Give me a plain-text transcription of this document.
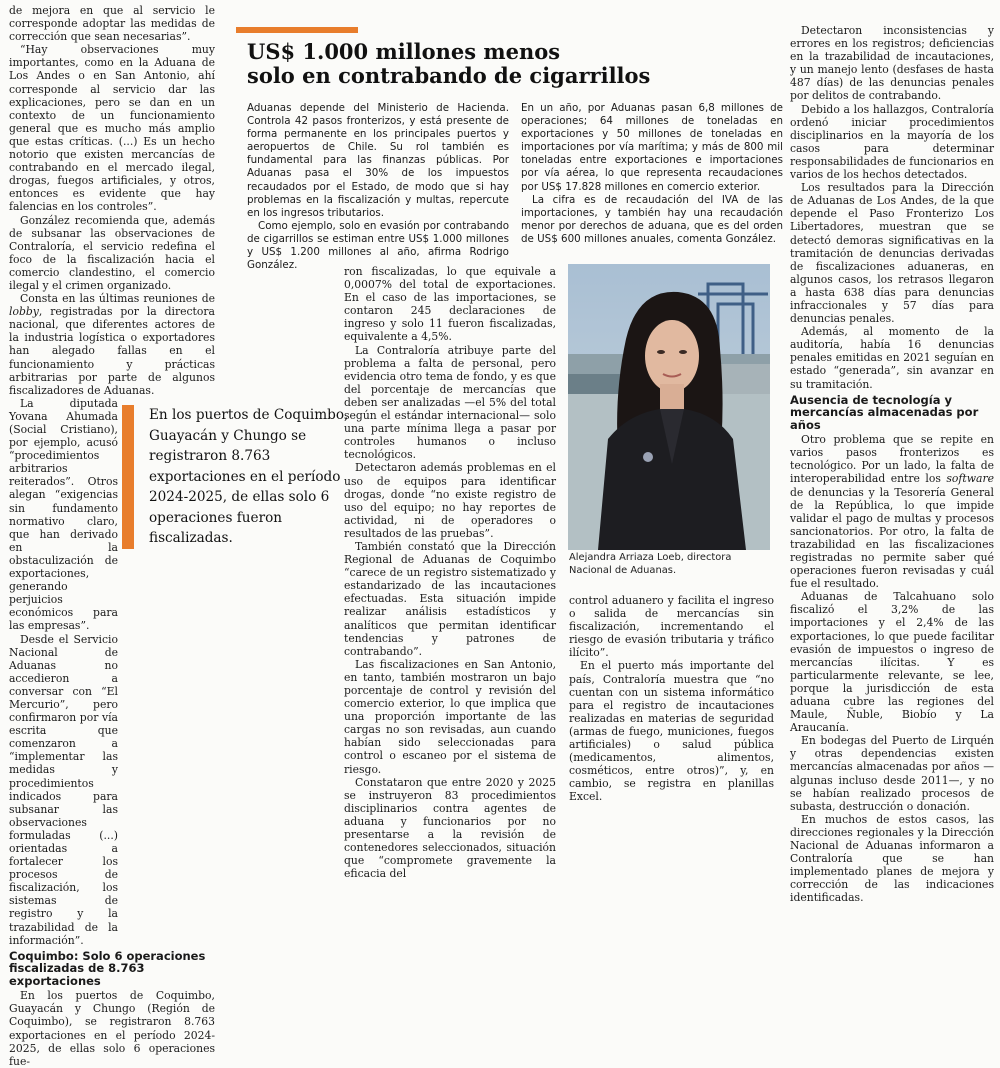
de mejora en que al servicio le corresponde adoptar las medidas de corrección que sean necesarias”.

“Hay observaciones muy importantes, como en la Aduana de Los Andes o en San Antonio, ahí corresponde al servicio dar las explicaciones, pero se dan en un contexto de un funcionamiento general que es mucho más amplio que estas críticas. (...) Es un hecho notorio que existen mercancías de contrabando en el mercado ilegal, drogas, fuegos artificiales, y otros, entonces es evidente que hay falencias en los controles”.

González recomienda que, además de subsanar las observaciones de Contraloría, el servicio redefina el foco de la fiscalización hacia el comercio clandestino, el comercio ilegal y el crimen organizado.

Consta en las últimas reuniones de lobby, registradas por la directora nacional, que diferentes actores de la industria logística o exportadores han alegado fallas en el funcionamiento y prácticas arbitrarias por parte de algunos fiscalizadores de Aduanas.

La diputada Yovana Ahumada (Social Cristiano), por ejemplo, acusó “procedimientos arbitrarios reiterados”. Otros alegan “exigencias sin fundamento normativo claro, que han derivado en la obstaculización de exportaciones, generando perjuicios económicos para las empresas”.

Desde el Servicio Nacional de Aduanas no accedieron a conversar con “El Mercurio”, pero confirmaron por vía escrita que comenzaron a “implementar las medidas y procedimientos indicados para subsanar las observaciones formuladas (...) orientadas a fortalecer los procesos de fiscalización, los sistemas de registro y la trazabilidad de la información”.

Coquimbo: Solo 6 operaciones fiscalizadas de 8.763 exportaciones

En los puertos de Coquimbo, Guayacán y Chungo (Región de Coquimbo), se registraron 8.763 exportaciones en el período 2024-2025, de ellas solo 6 operaciones fue-

US$ 1.000 millones menos
solo en contrabando de cigarrillos

Aduanas depende del Ministerio de Hacienda. Controla 42 pasos fronterizos, y está presente de forma permanente en los principales puertos y aeropuertos de Chile. Su rol también es fundamental para las finanzas públicas. Por Aduanas pasa el 30% de los impuestos recaudados por el Estado, de modo que si hay problemas en la fiscalización y multas, repercute en los ingresos tributarios.

Como ejemplo, solo en evasión por contrabando de cigarrillos se estiman entre US$ 1.000 millones y US$ 1.200 millones al año, afirma Rodrigo González.

En un año, por Aduanas pasan 6,8 millones de operaciones; 64 millones de toneladas en exportaciones y 50 millones de toneladas en importaciones por vía marítima; y más de 800 mil toneladas entre exportaciones e importaciones por vía aérea, lo que representa recaudaciones por US$ 17.828 millones en comercio exterior.

La cifra es de recaudación del IVA de las importaciones, y también hay una recaudación menor por derechos de aduana, que es del orden de US$ 600 millones anuales, comenta González.

En los puertos de Coquimbo, Guayacán y Chungo se registraron 8.763 exportaciones en el período 2024-2025, de ellas solo 6 operaciones fueron fiscalizadas.

ron fiscalizadas, lo que equivale a 0,0007% del total de exportaciones. En el caso de las importaciones, se contaron 245 declaraciones de ingreso y solo 11 fueron fiscalizadas, equivalente a 4,5%.

La Contraloría atribuye parte del problema a falta de personal, pero evidencia otro tema de fondo, y es que del porcentaje de mercancías que deben ser analizadas —el 5% del total según el estándar internacional— solo una parte mínima llega a pasar por controles humanos o incluso tecnológicos.

Detectaron además problemas en el uso de equipos para identificar drogas, donde “no existe registro de uso del equipo; no hay reportes de actividad, ni de operadores o resultados de las pruebas”.

También constató que la Dirección Regional de Aduanas de Coquimbo “carece de un registro sistematizado y estandarizado de las incautaciones efectuadas. Esta situación impide realizar análisis estadísticos y analíticos que permitan identificar tendencias y patrones de contrabando”.

Las fiscalizaciones en San Antonio, en tanto, también mostraron un bajo porcentaje de control y revisión del comercio exterior, lo que implica que una proporción importante de las cargas no son revisadas, aun cuando habían sido seleccionadas para control o escaneo por el sistema de riesgo.

Constataron que entre 2020 y 2025 se instruyeron 83 procedimientos disciplinarios contra agentes de aduana y funcionarios por no presentarse a la revisión de contenedores seleccionados, situación que “compromete gravemente la eficacia del

Alejandra Arriaza Loeb, directora Nacional de Aduanas.

control aduanero y facilita el ingreso o salida de mercancías sin fiscalización, incrementando el riesgo de evasión tributaria y tráfico ilícito”.

En el puerto más importante del país, Contraloría muestra que “no cuentan con un sistema informático para el registro de incautaciones realizadas en materias de seguridad (armas de fuego, municiones, fuegos artificiales) o salud pública (medicamentos, alimentos, cosméticos, entre otros)”, y, en cambio, se registra en planillas Excel.

Detectaron inconsistencias y errores en los registros; deficiencias en la trazabilidad de incautaciones, y un manejo lento (desfases de hasta 487 días) de las denuncias penales por delitos de contrabando.

Debido a los hallazgos, Contraloría ordenó iniciar procedimientos disciplinarios en la mayoría de los casos para determinar responsabilidades de funcionarios en varios de los hechos detectados.

Los resultados para la Dirección de Aduanas de Los Andes, de la que depende el Paso Fronterizo Los Libertadores, muestran que se detectó demoras significativas en la tramitación de denuncias derivadas de fiscalizaciones aduaneras, en algunos casos, los retrasos llegaron a hasta 638 días para denuncias infraccionales y 57 días para denuncias penales.

Además, al momento de la auditoría, había 16 denuncias penales emitidas en 2021 seguían en estado “generada”, sin avanzar en su tramitación.

Ausencia de tecnología y mercancías almacenadas por años

Otro problema que se repite en varios pasos fronterizos es tecnológico. Por un lado, la falta de interoperabilidad entre los software de denuncias y la Tesorería General de la República, lo que impide validar el pago de multas y procesos sancionatorios. Por otro, la falta de trazabilidad en las fiscalizaciones registradas no permite saber qué operaciones fueron revisadas y cuál fue el resultado.

Aduanas de Talcahuano solo fiscalizó el 3,2% de las importaciones y el 2,4% de las exportaciones, lo que puede facilitar evasión de impuestos o ingreso de mercancías ilícitas. Y es particularmente relevante, se lee, porque la jurisdicción de esta aduana cubre las regiones del Maule, Ñuble, Biobío y La Araucanía.

En bodegas del Puerto de Lirquén y otras dependencias existen mercancías almacenadas por años —algunas incluso desde 2011—, y no se habían realizado procesos de subasta, destrucción o donación.

En muchos de estos casos, las direcciones regionales y la Dirección Nacional de Aduanas informaron a Contraloría que se han implementado planes de mejora y corrección de las indicaciones identificadas.
